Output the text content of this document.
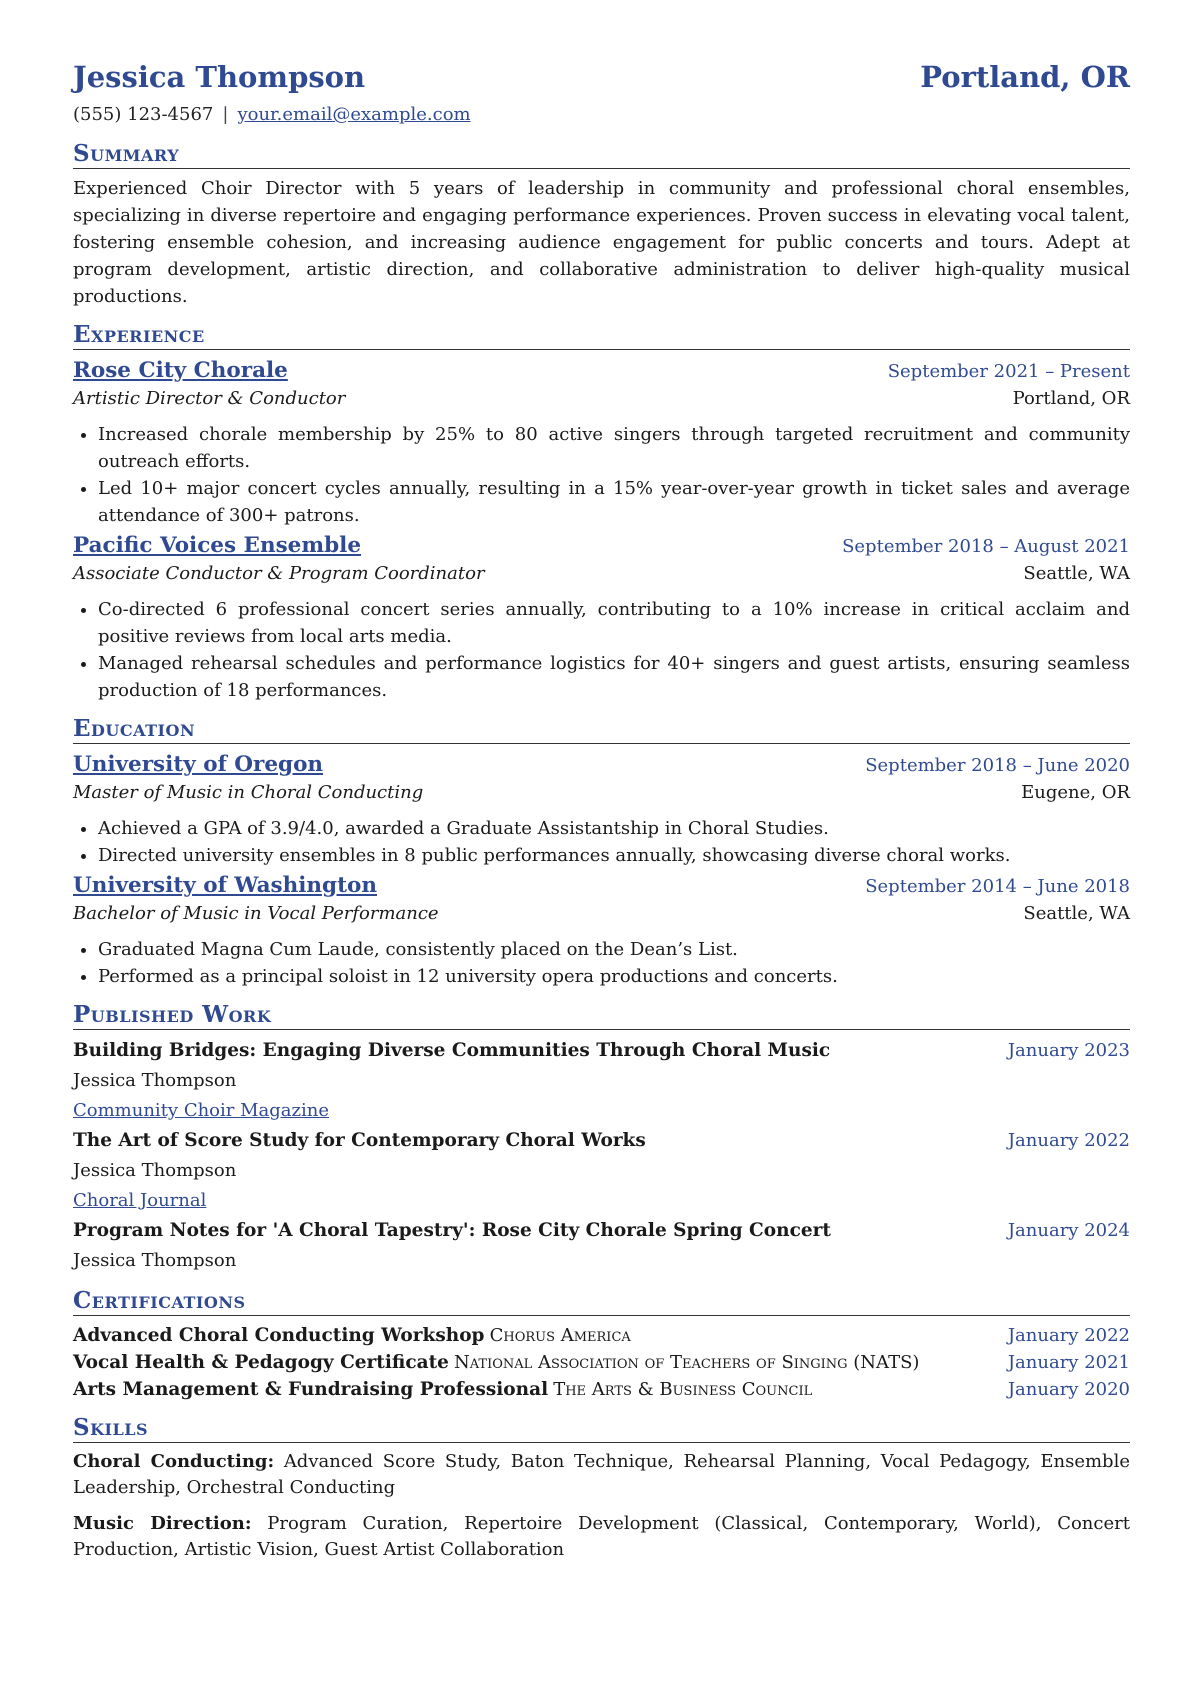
Jessica Thompson	Portland, OR
(555) 123-4567 | your.email@example.com
Summary
Experienced Choir Director with 5 years of leadership in community and professional choral ensembles, specializing in diverse repertoire and engaging performance experiences. Proven success in elevating vocal talent, fostering ensemble cohesion, and increasing audience engagement for public concerts and tours. Adept at program development, artistic direction, and collaborative administration to deliver high-quality musical productions.
Experience
Rose City Chorale	September 2021 – Present
Artistic Director & Conductor	Portland, OR
• Increased chorale membership by 25% to 80 active singers through targeted recruitment and community outreach efforts.
• Led 10+ major concert cycles annually, resulting in a 15% year-over-year growth in ticket sales and average attendance of 300+ patrons.
Pacific Voices Ensemble	September 2018 – August 2021
Associate Conductor & Program Coordinator	Seattle, WA
• Co-directed 6 professional concert series annually, contributing to a 10% increase in critical acclaim and positive reviews from local arts media.
• Managed rehearsal schedules and performance logistics for 40+ singers and guest artists, ensuring seamless production of 18 performances.
Education
University of Oregon	September 2018 – June 2020
Master of Music in Choral Conducting	Eugene, OR
• Achieved a GPA of 3.9/4.0, awarded a Graduate Assistantship in Choral Studies.
• Directed university ensembles in 8 public performances annually, showcasing diverse choral works.
University of Washington	September 2014 – June 2018
Bachelor of Music in Vocal Performance	Seattle, WA
• Graduated Magna Cum Laude, consistently placed on the Dean’s List.
• Performed as a principal soloist in 12 university opera productions and concerts.
Published Work
Building Bridges: Engaging Diverse Communities Through Choral Music	January 2023
Jessica Thompson
Community Choir Magazine
The Art of Score Study for Contemporary Choral Works	January 2022
Jessica Thompson
Choral Journal
Program Notes for 'A Choral Tapestry': Rose City Chorale Spring Concert	January 2024
Jessica Thompson
Certifications
Advanced Choral Conducting Workshop Chorus America	January 2022
Vocal Health & Pedagogy Certificate National Association of Teachers of Singing (NATS)	January 2021
Arts Management & Fundraising Professional The Arts & Business Council	January 2020
Skills
Choral Conducting: Advanced Score Study, Baton Technique, Rehearsal Planning, Vocal Pedagogy, Ensemble Leadership, Orchestral Conducting
Music Direction: Program Curation, Repertoire Development (Classical, Contemporary, World), Concert Production, Artistic Vision, Guest Artist Collaboration
